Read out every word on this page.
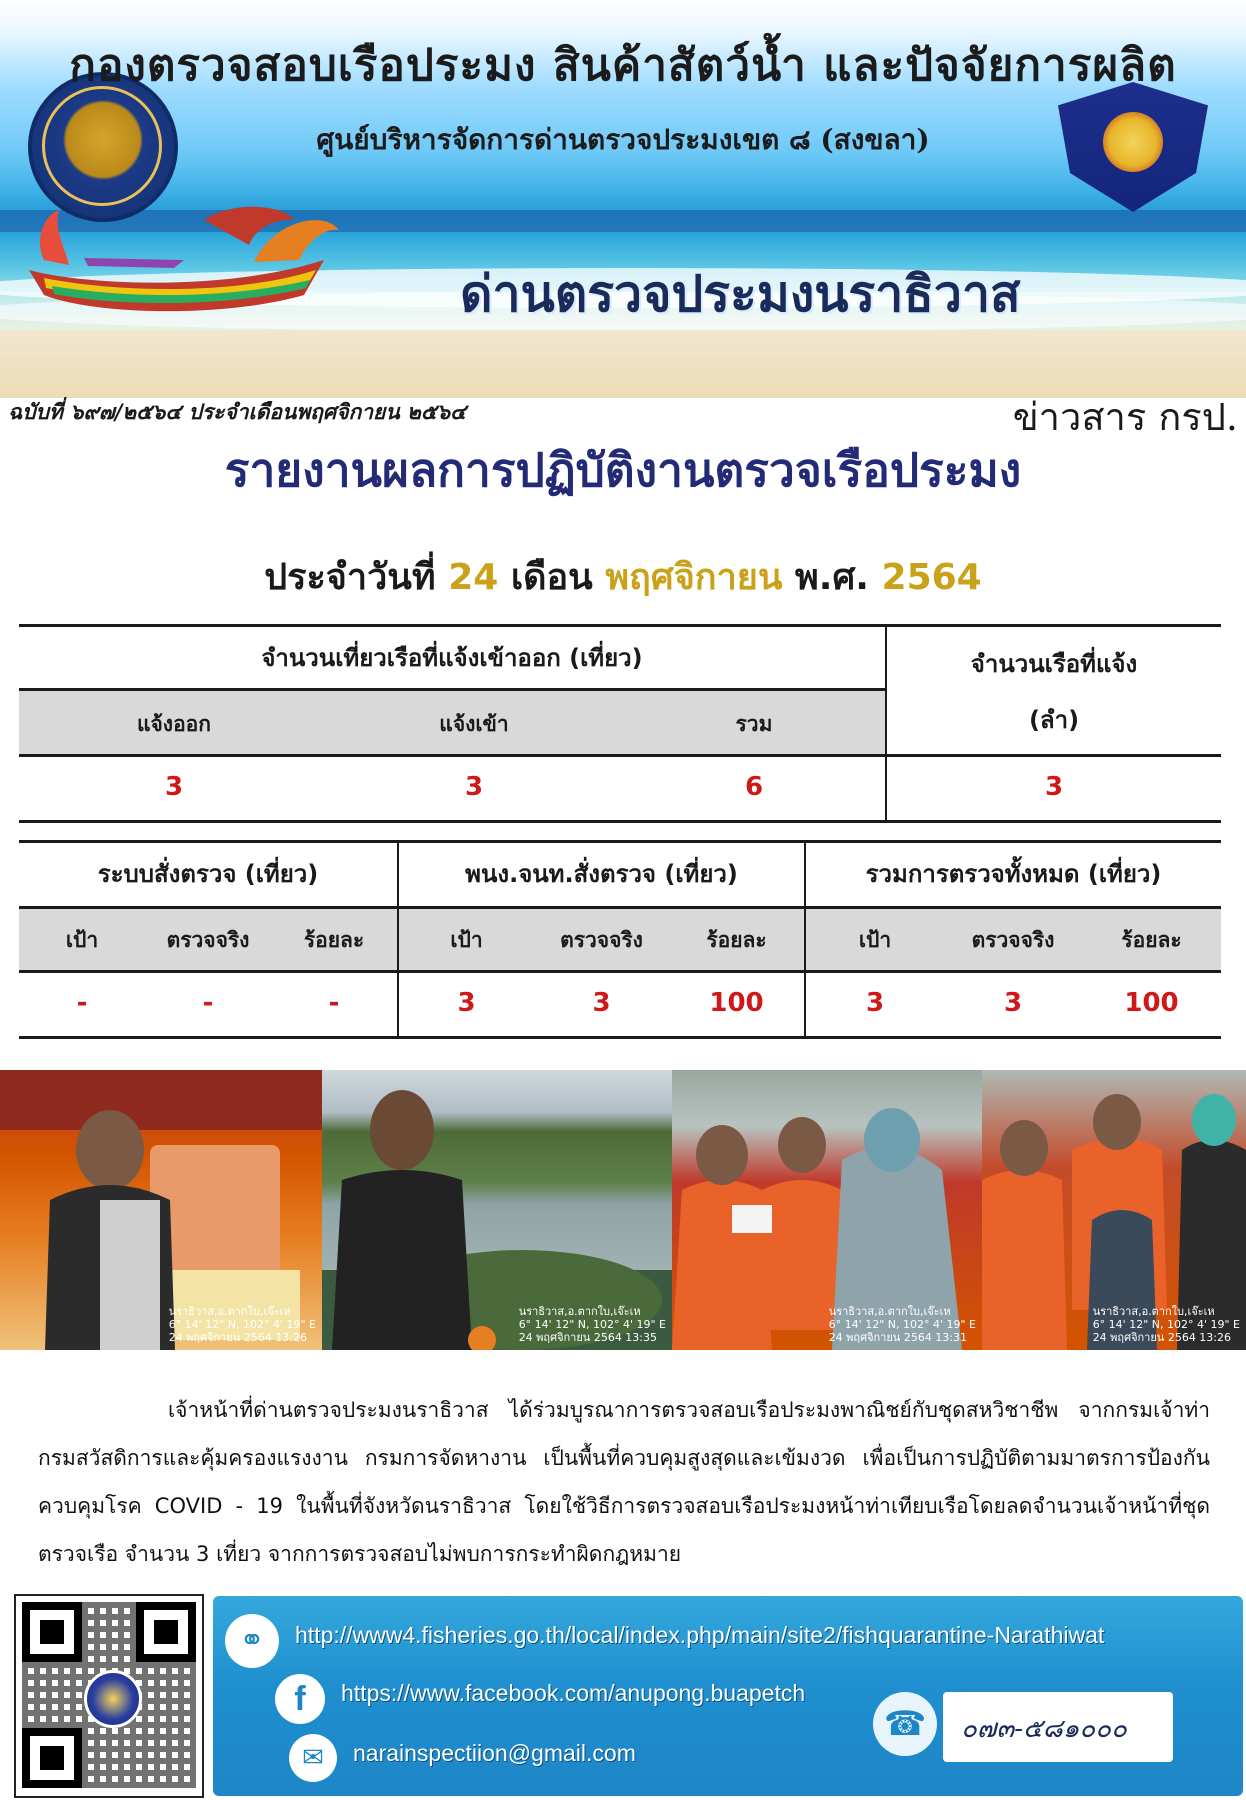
กองตรวจสอบเรือประมง สินค้าสัตว์น้ำ และปัจจัยการผลิต
ศูนย์บริหารจัดการด่านตรวจประมงเขต ๘ (สงขลา)
ด่านตรวจประมงนราธิวาส
ฉบับที่ ๖๙๗/๒๕๖๔ ประจำเดือนพฤศจิกายน ๒๕๖๔	ข่าวสาร กรป.
รายงานผลการปฏิบัติงานตรวจเรือประมง
ประจำวันที่ 24 เดือน พฤศจิกายน พ.ศ. 2564
จำนวนเที่ยวเรือที่แจ้งเข้าออก (เที่ยว)	จำนวนเรือที่แจ้ง
(ลำ)
แจ้งออก	แจ้งเข้า	รวม
3	3	6	3
ระบบสั่งตรวจ (เที่ยว)	พนง.จนท.สั่งตรวจ (เที่ยว)	รวมการตรวจทั้งหมด (เที่ยว)
เป้า	ตรวจจริง	ร้อยละ	เป้า	ตรวจจริง	ร้อยละ	เป้า	ตรวจจริง	ร้อยละ
-	-	-	3	3	100	3	3	100
นราธิวาส,อ.ตากใบ,เจ๊ะเห
6° 14' 12" N, 102° 4' 19" E
24 พฤศจิกายน 2564 13:26
นราธิวาส,อ.ตากใบ,เจ๊ะเห
6° 14' 12" N, 102° 4' 19" E
24 พฤศจิกายน 2564 13:35
นราธิวาส,อ.ตากใบ,เจ๊ะเห
6° 14' 12" N, 102° 4' 19" E
24 พฤศจิกายน 2564 13:31
นราธิวาส,อ.ตากใบ,เจ๊ะเห
6° 14' 12" N, 102° 4' 19" E
24 พฤศจิกายน 2564 13:26
เจ้าหน้าที่ด่านตรวจประมงนราธิวาส ได้ร่วมบูรณาการตรวจสอบเรือประมงพาณิชย์กับชุดสหวิชาชีพ จากกรมเจ้าท่า กรมสวัสดิการและคุ้มครองแรงงาน กรมการจัดหางาน เป็นพื้นที่ควบคุมสูงสุดและเข้มงวด เพื่อเป็นการปฏิบัติตามมาตรการป้องกันควบคุมโรค COVID - 19 ในพื้นที่จังหวัดนราธิวาส โดยใช้วิธีการตรวจสอบเรือประมงหน้าท่าเทียบเรือโดยลดจำนวนเจ้าหน้าที่ชุดตรวจเรือ จำนวน 3 เที่ยว จากการตรวจสอบไม่พบการกระทำผิดกฎหมาย
⚭	http://www4.fisheries.go.th/local/index.php/main/site2/fishquarantine-Narathiwat
f	https://www.facebook.com/anupong.buapetch
✉	narainspectiion@gmail.com
☎	๐๗๓-๕๘๑๐๐๐
